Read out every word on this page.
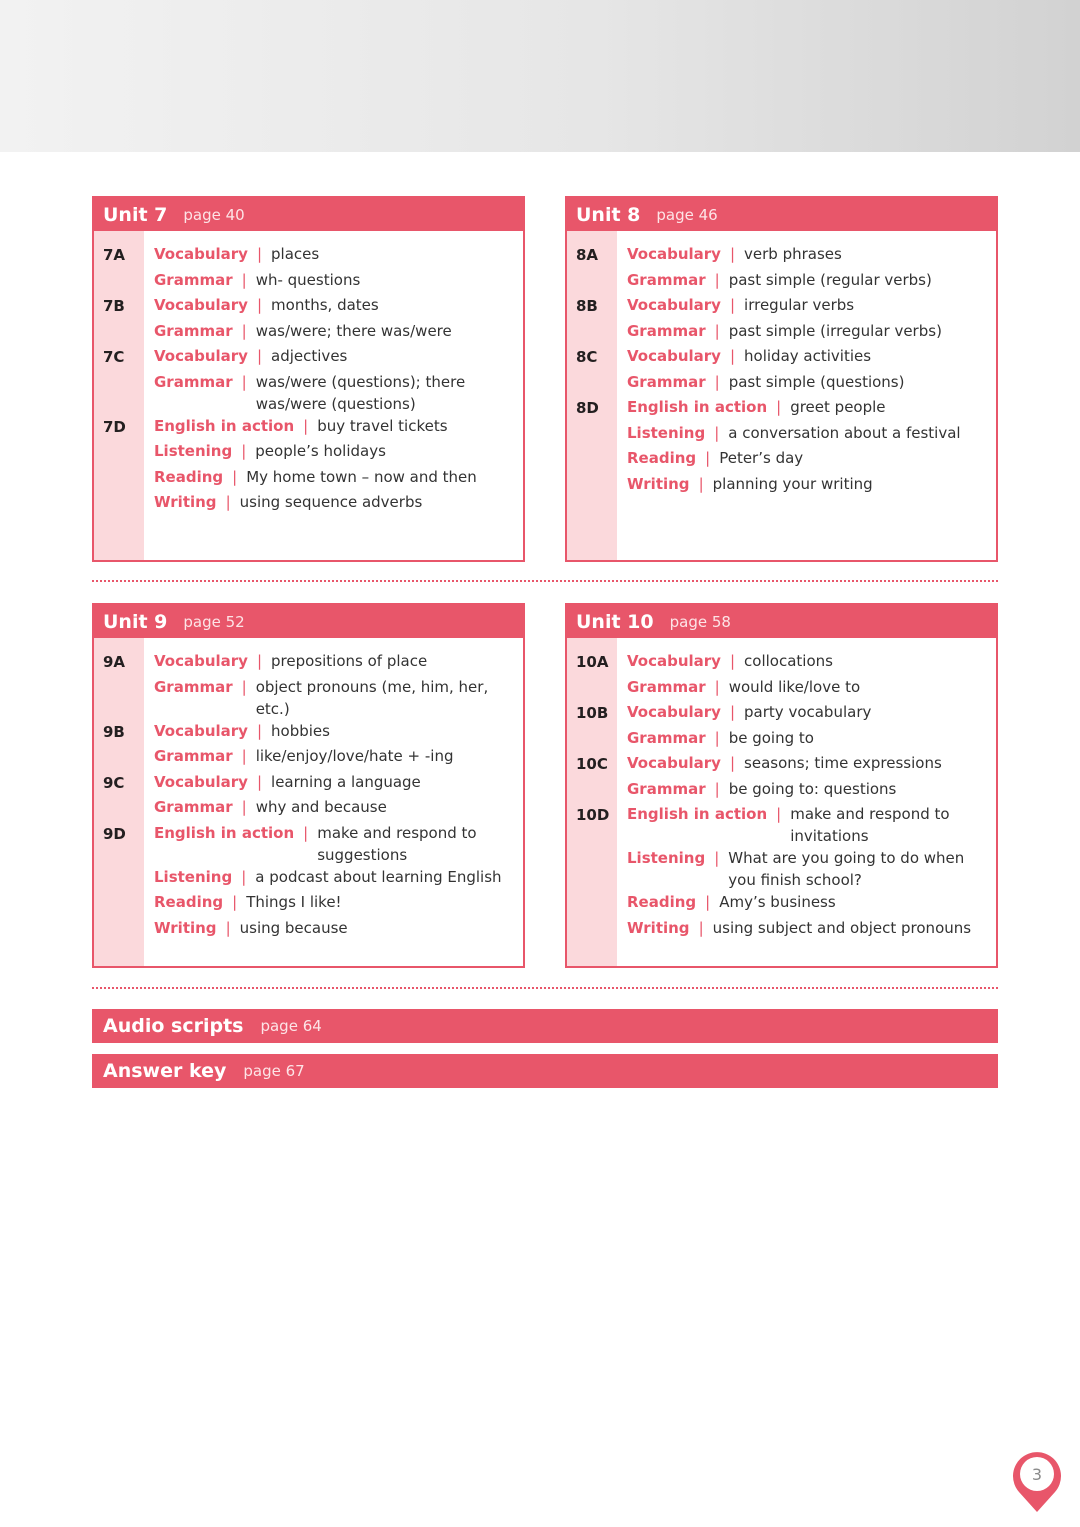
Unit 7 page 40
7A Vocabulary | places
Grammar | wh- questions
7B Vocabulary | months, dates
Grammar | was/were; there was/were
7C Vocabulary | adjectives
Grammar | was/were (questions); there was/were (questions)
7D English in action | buy travel tickets
Listening | people’s holidays
Reading | My home town – now and then
Writing | using sequence adverbs
Unit 8 page 46
8A Vocabulary | verb phrases
Grammar | past simple (regular verbs)
8B Vocabulary | irregular verbs
Grammar | past simple (irregular verbs)
8C Vocabulary | holiday activities
Grammar | past simple (questions)
8D English in action | greet people
Listening | a conversation about a festival
Reading | Peter’s day
Writing | planning your writing
Unit 9 page 52
9A Vocabulary | prepositions of place
Grammar | object pronouns (me, him, her, etc.)
9B Vocabulary | hobbies
Grammar | like/enjoy/love/hate + -ing
9C Vocabulary | learning a language
Grammar | why and because
9D English in action | make and respond to suggestions
Listening | a podcast about learning English
Reading | Things I like!
Writing | using because
Unit 10 page 58
10A Vocabulary | collocations
Grammar | would like/love to
10B Vocabulary | party vocabulary
Grammar | be going to
10C Vocabulary | seasons; time expressions
Grammar | be going to: questions
10D English in action | make and respond to invitations
Listening | What are you going to do when you finish school?
Reading | Amy’s business
Writing | using subject and object pronouns
Audio scripts page 64
Answer key page 67
3
